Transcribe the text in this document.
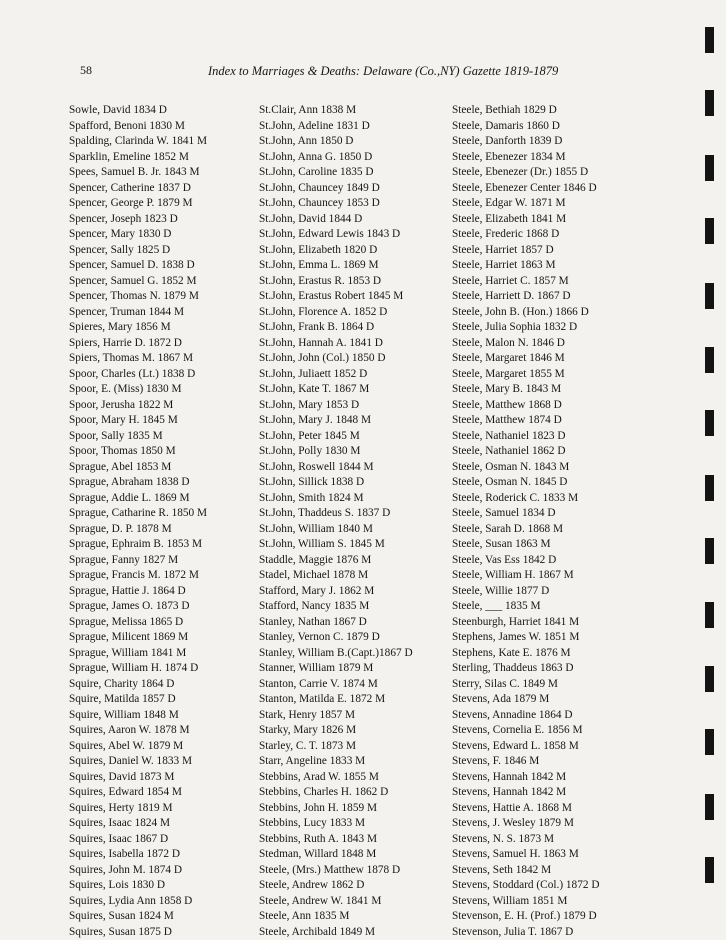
58	Index to Marriages & Deaths: Delaware (Co.,NY) Gazette 1819-1879
Sowle, David 1834 D
Spafford, Benoni 1830 M
Spalding, Clarinda W. 1841 M
Sparklin, Emeline 1852 M
Spees, Samuel B. Jr. 1843 M
Spencer, Catherine 1837 D
Spencer, George P. 1879 M
Spencer, Joseph 1823 D
Spencer, Mary 1830 D
Spencer, Sally 1825 D
Spencer, Samuel D. 1838 D
Spencer, Samuel G. 1852 M
Spencer, Thomas N. 1879 M
Spencer, Truman 1844 M
Spieres, Mary 1856 M
Spiers, Harrie D. 1872 D
Spiers, Thomas M. 1867 M
Spoor, Charles (Lt.) 1838 D
Spoor, E. (Miss) 1830 M
Spoor, Jerusha 1822 M
Spoor, Mary H. 1845 M
Spoor, Sally 1835 M
Spoor, Thomas 1850 M
Sprague, Abel 1853 M
Sprague, Abraham 1838 D
Sprague, Addie L. 1869 M
Sprague, Catharine R. 1850 M
Sprague, D. P. 1878 M
Sprague, Ephraim B. 1853 M
Sprague, Fanny 1827 M
Sprague, Francis M. 1872 M
Sprague, Hattie J. 1864 D
Sprague, James O. 1873 D
Sprague, Melissa 1865 D
Sprague, Milicent 1869 M
Sprague, William 1841 M
Sprague, William H. 1874 D
Squire, Charity 1864 D
Squire, Matilda 1857 D
Squire, William 1848 M
Squires, Aaron W. 1878 M
Squires, Abel W. 1879 M
Squires, Daniel W. 1833 M
Squires, David 1873 M
Squires, Edward 1854 M
Squires, Herty 1819 M
Squires, Isaac 1824 M
Squires, Isaac 1867 D
Squires, Isabella 1872 D
Squires, John M. 1874 D
Squires, Lois 1830 D
Squires, Lydia Ann 1858 D
Squires, Susan 1824 M
Squires, Susan 1875 D
St.Clair, Ann 1838 M
St.John, Adeline 1831 D
St.John, Ann 1850 D
St.John, Anna G. 1850 D
St.John, Caroline 1835 D
St.John, Chauncey 1849 D
St.John, Chauncey 1853 D
St.John, David 1844 D
St.John, Edward Lewis 1843 D
St.John, Elizabeth 1820 D
St.John, Emma L. 1869 M
St.John, Erastus R. 1853 D
St.John, Erastus Robert 1845 M
St.John, Florence A. 1852 D
St.John, Frank B. 1864 D
St.John, Hannah A. 1841 D
St.John, John (Col.) 1850 D
St.John, Juliaett 1852 D
St.John, Kate T. 1867 M
St.John, Mary 1853 D
St.John, Mary J. 1848 M
St.John, Peter 1845 M
St.John, Polly 1830 M
St.John, Roswell 1844 M
St.John, Sillick 1838 D
St.John, Smith 1824 M
St.John, Thaddeus S. 1837 D
St.John, William 1840 M
St.John, William S. 1845 M
Staddle, Maggie 1876 M
Stadel, Michael 1878 M
Stafford, Mary J. 1862 M
Stafford, Nancy 1835 M
Stanley, Nathan 1867 D
Stanley, Vernon C. 1879 D
Stanley, William B.(Capt.)1867 D
Stanner, William 1879 M
Stanton, Carrie V. 1874 M
Stanton, Matilda E. 1872 M
Stark, Henry 1857 M
Starky, Mary 1826 M
Starley, C. T. 1873 M
Starr, Angeline 1833 M
Stebbins, Arad W. 1855 M
Stebbins, Charles H. 1862 D
Stebbins, John H. 1859 M
Stebbins, Lucy 1833 M
Stebbins, Ruth A. 1843 M
Stedman, Willard 1848 M
Steele, (Mrs.) Matthew 1878 D
Steele, Andrew 1862 D
Steele, Andrew W. 1841 M
Steele, Ann 1835 M
Steele, Archibald 1849 M
Steele, Bethiah 1829 D
Steele, Damaris 1860 D
Steele, Danforth 1839 D
Steele, Ebenezer 1834 M
Steele, Ebenezer (Dr.) 1855 D
Steele, Ebenezer Center 1846 D
Steele, Edgar W. 1871 M
Steele, Elizabeth 1841 M
Steele, Frederic 1868 D
Steele, Harriet 1857 D
Steele, Harriet 1863 M
Steele, Harriet C. 1857 M
Steele, Harriett D. 1867 D
Steele, John B. (Hon.) 1866 D
Steele, Julia Sophia 1832 D
Steele, Malon N. 1846 D
Steele, Margaret 1846 M
Steele, Margaret 1855 M
Steele, Mary B. 1843 M
Steele, Matthew 1868 D
Steele, Matthew 1874 D
Steele, Nathaniel 1823 D
Steele, Nathaniel 1862 D
Steele, Osman N. 1843 M
Steele, Osman N. 1845 D
Steele, Roderick C. 1833 M
Steele, Samuel 1834 D
Steele, Sarah D. 1868 M
Steele, Susan 1863 M
Steele, Vas Ess 1842 D
Steele, William H. 1867 M
Steele, Willie 1877 D
Steele, ___ 1835 M
Steenburgh, Harriet 1841 M
Stephens, James W. 1851 M
Stephens, Kate E. 1876 M
Sterling, Thaddeus 1863 D
Sterry, Silas C. 1849 M
Stevens, Ada 1879 M
Stevens, Annadine 1864 D
Stevens, Cornelia E. 1856 M
Stevens, Edward L. 1858 M
Stevens, F. 1846 M
Stevens, Hannah 1842 M
Stevens, Hannah 1842 M
Stevens, Hattie A. 1868 M
Stevens, J. Wesley 1879 M
Stevens, N. S. 1873 M
Stevens, Samuel H. 1863 M
Stevens, Seth 1842 M
Stevens, Stoddard (Col.) 1872 D
Stevens, William 1851 M
Stevenson, E. H. (Prof.) 1879 D
Stevenson, Julia T. 1867 D
